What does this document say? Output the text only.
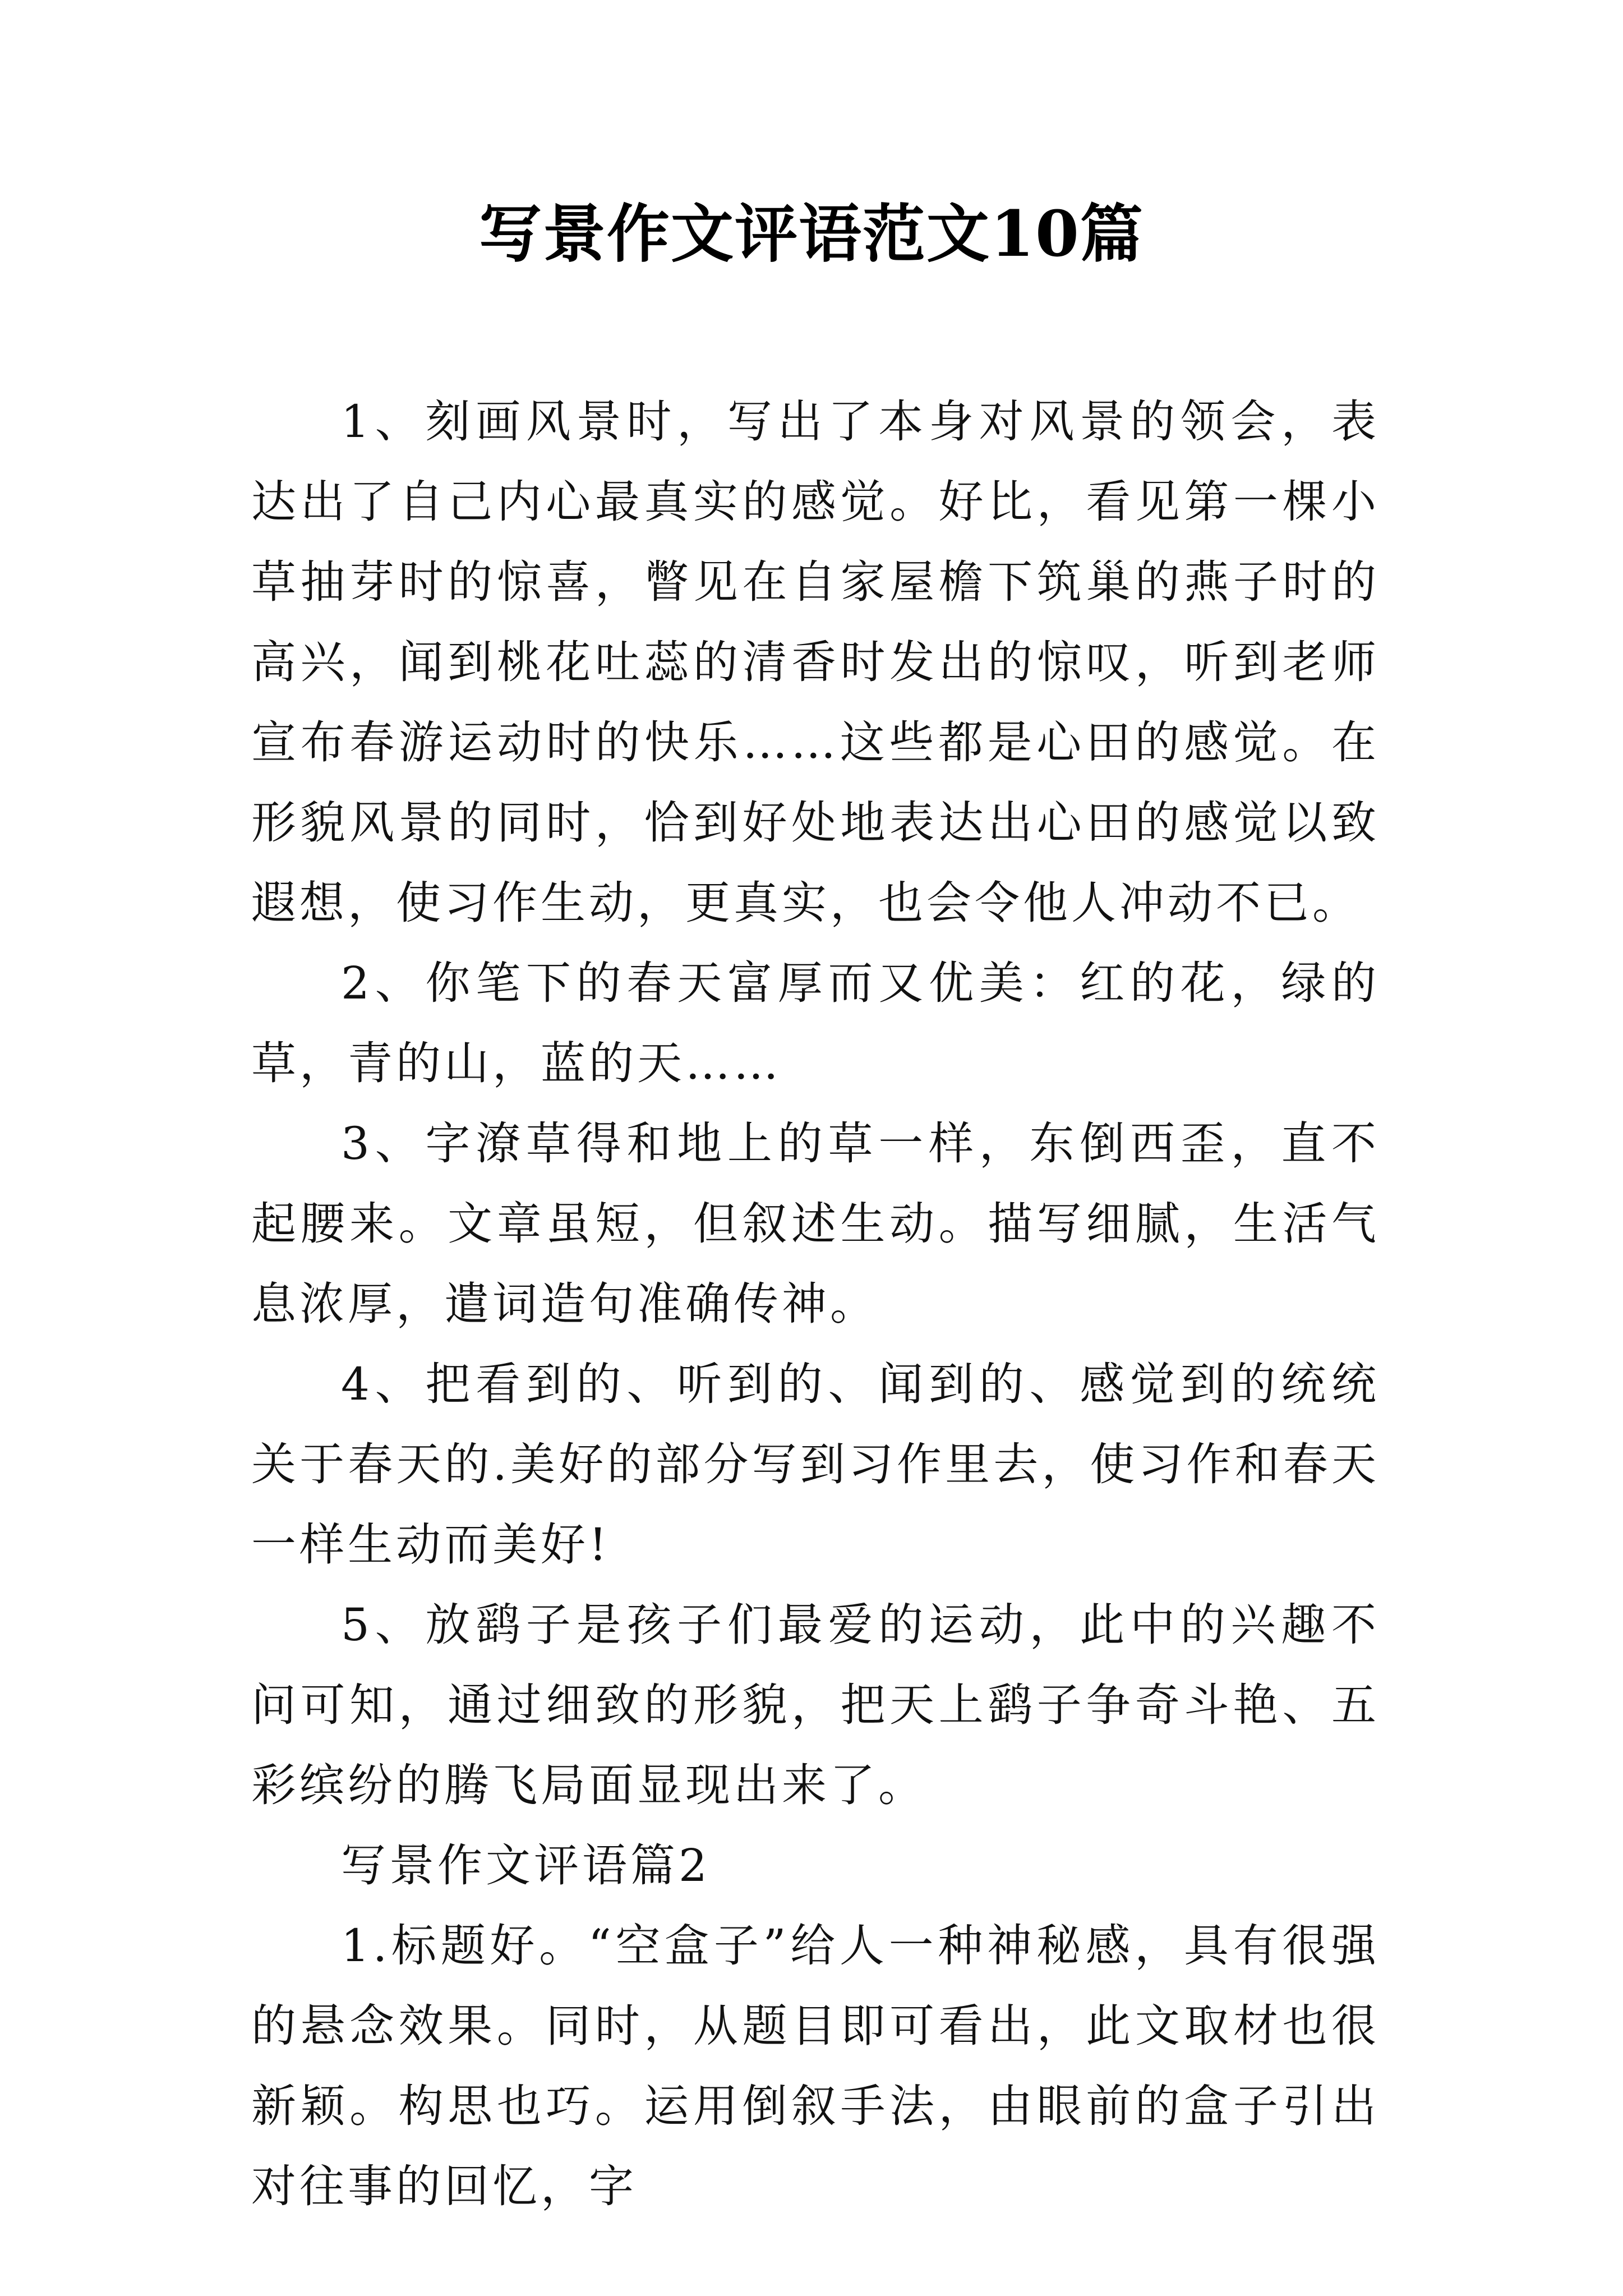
写景作文评语范文10篇

1、刻画风景时，写出了本身对风景的领会，表达出了自己内心最真实的感觉。好比，看见第一棵小草抽芽时的惊喜，瞥见在自家屋檐下筑巢的燕子时的高兴，闻到桃花吐蕊的清香时发出的惊叹，听到老师宣布春游运动时的快乐……这些都是心田的感觉。在形貌风景的同时，恰到好处地表达出心田的感觉以致遐想，使习作生动，更真实，也会令他人冲动不已。

2、你笔下的春天富厚而又优美：红的花，绿的草，青的山，蓝的天……

3、字潦草得和地上的草一样，东倒西歪，直不起腰来。文章虽短，但叙述生动。描写细腻，生活气息浓厚，遣词造句准确传神。

4、把看到的、听到的、闻到的、感觉到的统统关于春天的.美好的部分写到习作里去，使习作和春天一样生动而美好!

5、放鹞子是孩子们最爱的运动，此中的兴趣不问可知，通过细致的形貌，把天上鹞子争奇斗艳、五彩缤纷的腾飞局面显现出来了。

写景作文评语篇2

1.标题好。“空盒子”给人一种神秘感，具有很强的悬念效果。同时，从题目即可看出，此文取材也很新颖。构思也巧。运用倒叙手法，由眼前的盒子引出对往事的回忆，字
